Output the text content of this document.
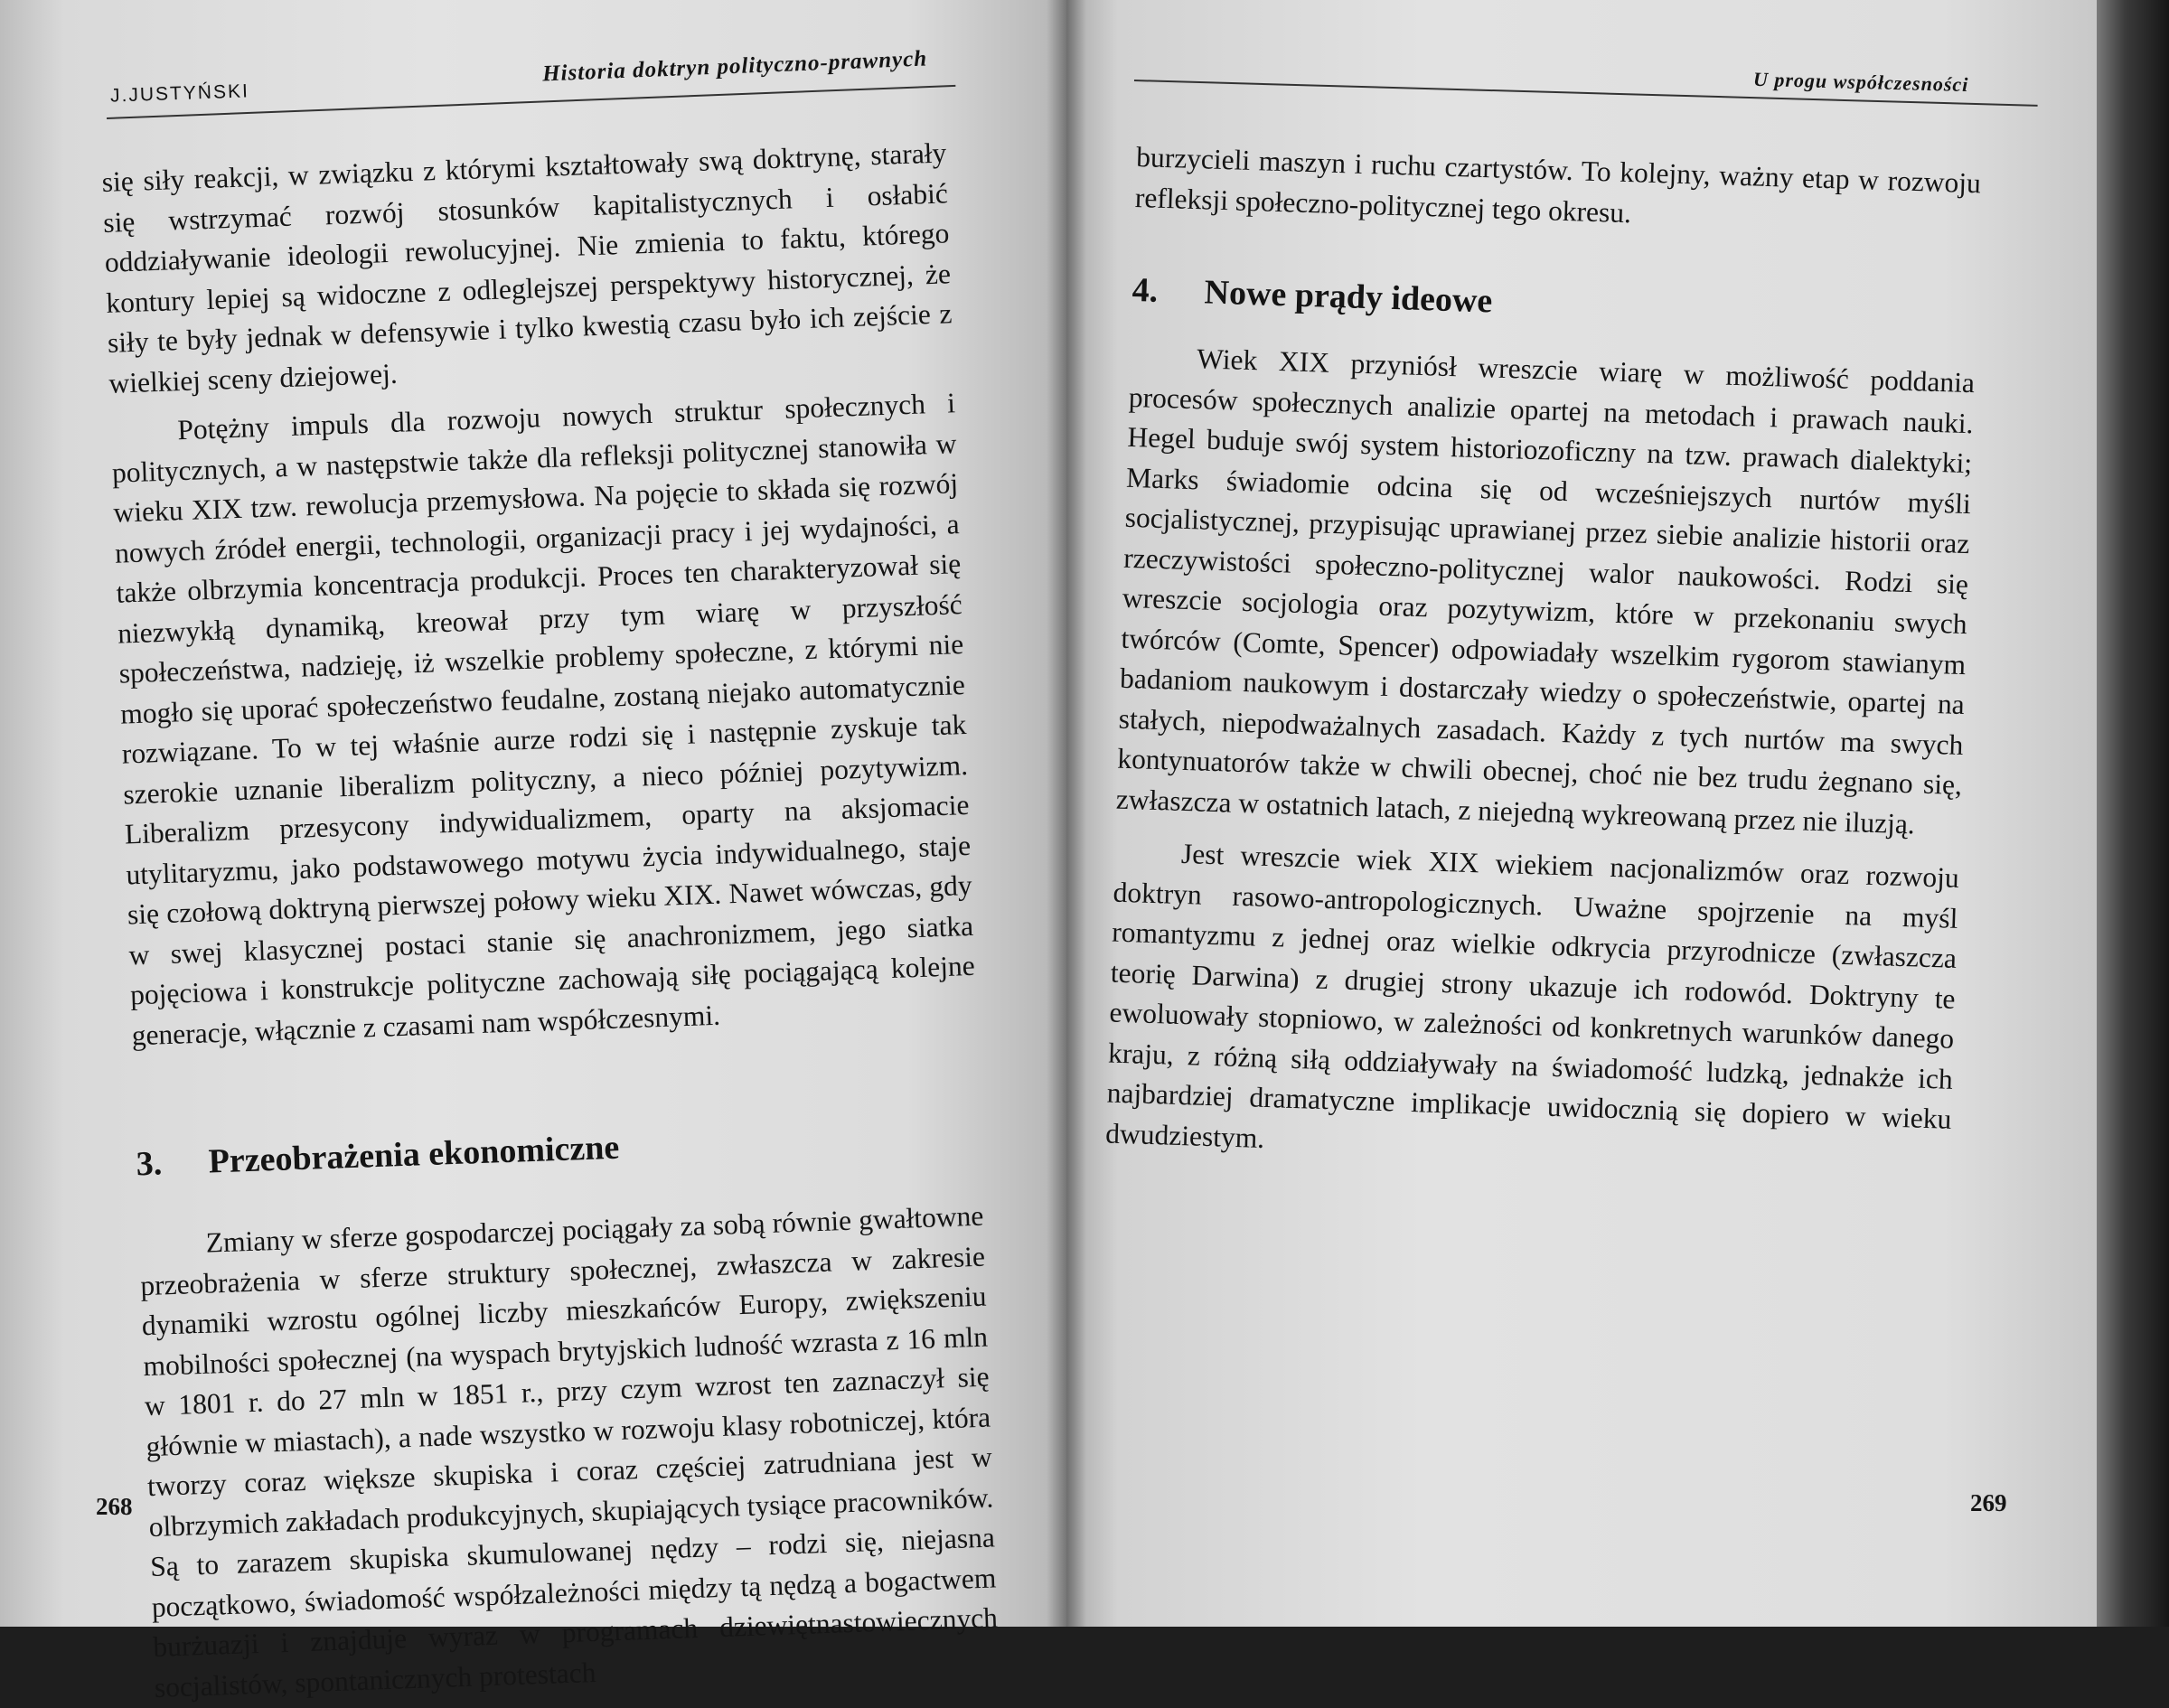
J.JUSTYŃSKI
Historia doktryn polityczno-prawnych

się siły reakcji, w związku z którymi kształtowały swą doktrynę, starały się wstrzymać rozwój stosunków kapitalistycznych i osłabić oddziaływanie ideologii rewolucyjnej. Nie zmienia to faktu, którego kontury lepiej są widoczne z odleglejszej perspektywy historycznej, że siły te były jednak w defensywie i tylko kwestią czasu było ich zejście z wielkiej sceny dziejowej.

Potężny impuls dla rozwoju nowych struktur społecznych i politycznych, a w następstwie także dla refleksji politycznej stanowiła w wieku XIX tzw. rewolucja przemysłowa. Na pojęcie to składa się rozwój nowych źródeł energii, technologii, organizacji pracy i jej wydajności, a także olbrzymia koncentracja produkcji. Proces ten charakteryzował się niezwykłą dynamiką, kreował przy tym wiarę w przyszłość społeczeństwa, nadzieję, iż wszelkie problemy społeczne, z którymi nie mogło się uporać społeczeństwo feudalne, zostaną niejako automatycznie rozwiązane. To w tej właśnie aurze rodzi się i następnie zyskuje tak szerokie uznanie liberalizm polityczny, a nieco później pozytywizm. Liberalizm przesycony indywidualizmem, oparty na aksjomacie utylitaryzmu, jako podstawowego motywu życia indywidualnego, staje się czołową doktryną pierwszej połowy wieku XIX. Nawet wówczas, gdy w swej klasycznej postaci stanie się anachronizmem, jego siatka pojęciowa i konstrukcje polityczne zachowają siłę pociągającą kolejne generacje, włącznie z czasami nam współczesnymi.

3. Przeobrażenia ekonomiczne

Zmiany w sferze gospodarczej pociągały za sobą równie gwałtowne przeobrażenia w sferze struktury społecznej, zwłaszcza w zakresie dynamiki wzrostu ogólnej liczby mieszkańców Europy, zwiększeniu mobilności społecznej (na wyspach brytyjskich ludność wzrasta z 16 mln w 1801 r. do 27 mln w 1851 r., przy czym wzrost ten zaznaczył się głównie w miastach), a nade wszystko w rozwoju klasy robotniczej, która tworzy coraz większe skupiska i coraz częściej zatrudniana jest w olbrzymich zakładach produkcyjnych, skupiających tysiące pracowników. Są to zarazem skupiska skumulowanej nędzy – rodzi się, niejasna początkowo, świadomość współzależności między tą nędzą a bogactwem burżuazji i znajduje wyraz w programach dziewiętnastowiecznych socjalistów, spontanicznych protestach

268
U progu współczesności

burzycieli maszyn i ruchu czartystów. To kolejny, ważny etap w rozwoju refleksji społeczno-politycznej tego okresu.

4. Nowe prądy ideowe

Wiek XIX przyniósł wreszcie wiarę w możliwość poddania procesów społecznych analizie opartej na metodach i prawach nauki. Hegel buduje swój system historiozoficzny na tzw. prawach dialektyki; Marks świadomie odcina się od wcześniejszych nurtów myśli socjalistycznej, przypisując uprawianej przez siebie analizie historii oraz rzeczywistości społeczno-politycznej walor naukowości. Rodzi się wreszcie socjologia oraz pozytywizm, które w przekonaniu swych twórców (Comte, Spencer) odpowiadały wszelkim rygorom stawianym badaniom naukowym i dostarczały wiedzy o społeczeństwie, opartej na stałych, niepodważalnych zasadach. Każdy z tych nurtów ma swych kontynuatorów także w chwili obecnej, choć nie bez trudu żegnano się, zwłaszcza w ostatnich latach, z niejedną wykreowaną przez nie iluzją.

Jest wreszcie wiek XIX wiekiem nacjonalizmów oraz rozwoju doktryn rasowo-antropologicznych. Uważne spojrzenie na myśl romantyzmu z jednej oraz wielkie odkrycia przyrodnicze (zwłaszcza teorię Darwina) z drugiej strony ukazuje ich rodowód. Doktryny te ewoluowały stopniowo, w zależności od konkretnych warunków danego kraju, z różną siłą oddziaływały na świadomość ludzką, jednakże ich najbardziej dramatyczne implikacje uwidocznią się dopiero w wieku dwudziestym.

269
